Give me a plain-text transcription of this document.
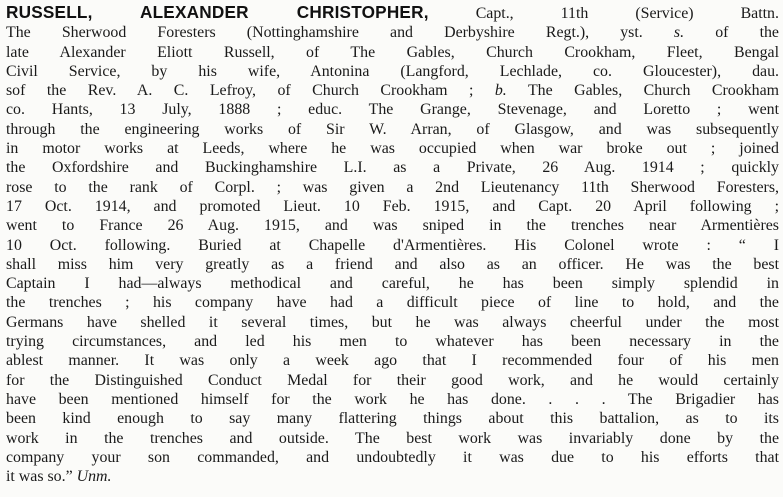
RUSSELL, ALEXANDER CHRISTOPHER, Capt., 11th (Service) Battn.
The Sherwood Foresters (Nottinghamshire and Derbyshire Regt.), yst. s. of the
late Alexander Eliott Russell, of The Gables, Church Crookham, Fleet, Bengal
Civil Service, by his wife, Antonina (Langford, Lechlade, co. Gloucester), dau.
sof the Rev. A. C. Lefroy, of Church Crookham ; b. The Gables, Church Crookham
co. Hants, 13 July, 1888 ; educ. The Grange, Stevenage, and Loretto ; went
through the engineering works of Sir W. Arran, of Glasgow, and was subsequently
in motor works at Leeds, where he was occupied when war broke out ; joined
the Oxfordshire and Buckinghamshire L.I. as a Private, 26 Aug. 1914 ; quickly
rose to the rank of Corpl. ; was given a 2nd Lieutenancy 11th Sherwood Foresters,
17 Oct. 1914, and promoted Lieut. 10 Feb. 1915, and Capt. 20 April following ;
went to France 26 Aug. 1915, and was sniped in the trenches near Armentières
10 Oct. following. Buried at Chapelle d'Armentières. His Colonel wrote : “ I
shall miss him very greatly as a friend and also as an officer. He was the best
Captain I had—always methodical and careful, he has been simply splendid in
the trenches ; his company have had a difficult piece of line to hold, and the
Germans have shelled it several times, but he was always cheerful under the most
trying circumstances, and led his men to whatever has been necessary in the
ablest manner. It was only a week ago that I recommended four of his men
for the Distinguished Conduct Medal for their good work, and he would certainly
have been mentioned himself for the work he has done. . . . The Brigadier has
been kind enough to say many flattering things about this battalion, as to its
work in the trenches and outside. The best work was invariably done by the
company your son commanded, and undoubtedly it was due to his efforts that
it was so.” Unm.
